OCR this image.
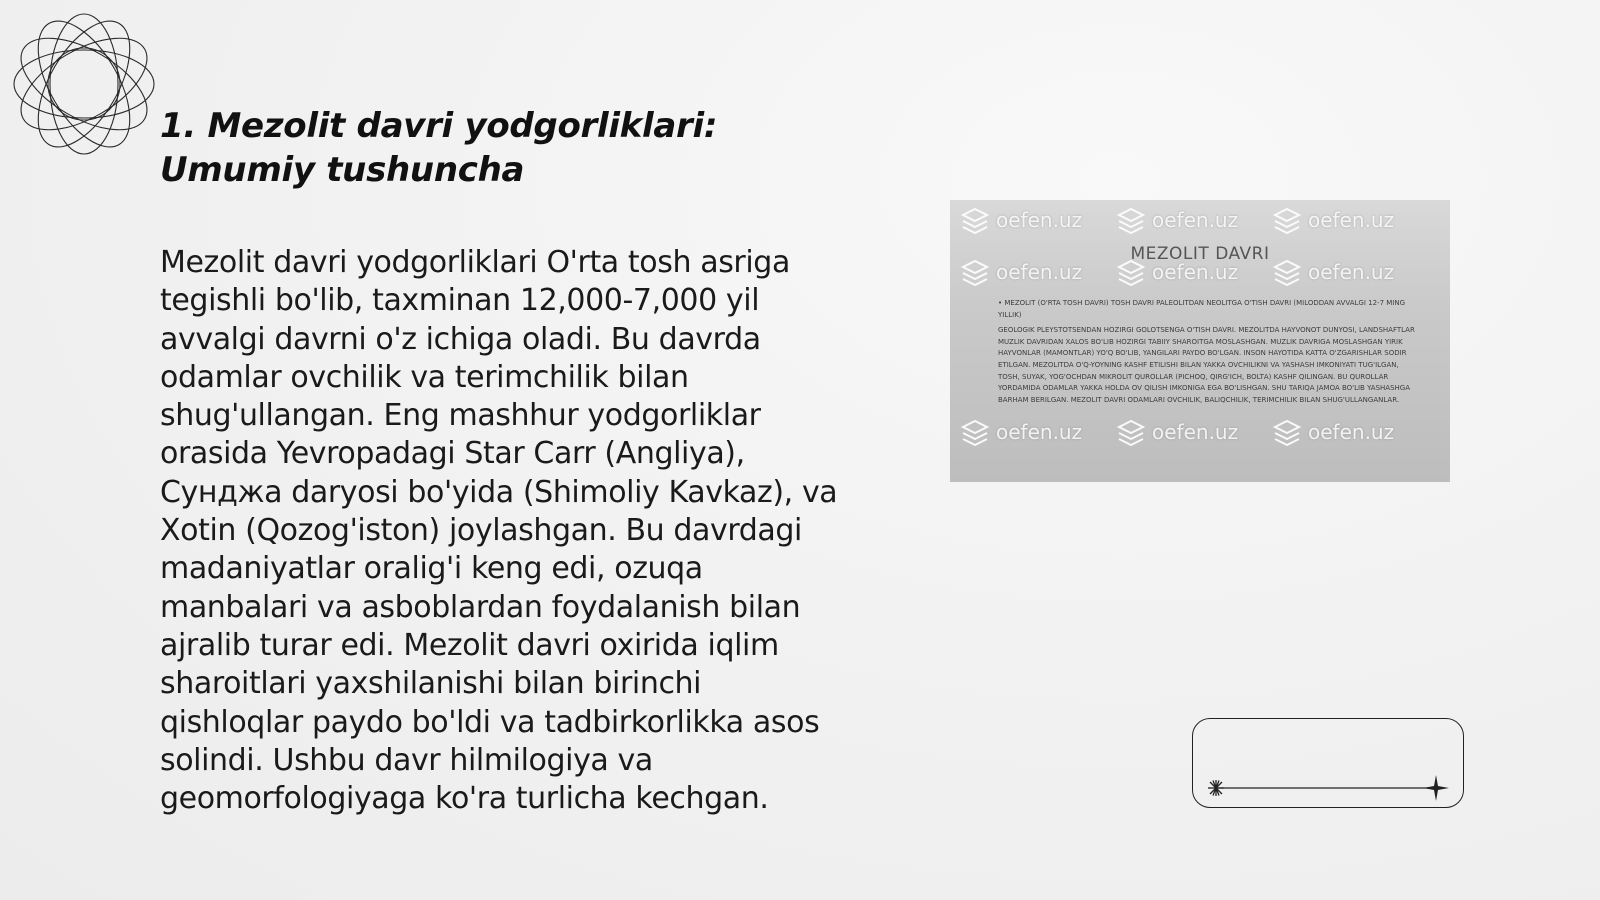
1. Mezolit davri yodgorliklari: Umumiy tushuncha

Mezolit davri yodgorliklari O'rta tosh asriga tegishli bo'lib, taxminan 12,000-7,000 yil avvalgi davrni o'z ichiga oladi. Bu davrda odamlar ovchilik va terimchilik bilan shug'ullangan. Eng mashhur yodgorliklar orasida Yevropadagi Star Carr (Angliya), Сунджа daryosi bo'yida (Shimoliy Kavkaz), va Xotin (Qozog'iston) joylashgan. Bu davrdagi madaniyatlar oralig'i keng edi, ozuqa manbalari va asboblardan foydalanish bilan ajralib turar edi. Mezolit davri oxirida iqlim sharoitlari yaxshilanishi bilan birinchi qishloqlar paydo bo'ldi va tadbirkorlikka asos solindi. Ushbu davr hilmilogiya va geomorfologiyaga ko'ra turlicha kechgan.

oefen.uz	oefen.uz	oefen.uz
oefen.uz	oefen.uz	oefen.uz
oefen.uz	oefen.uz	oefen.uz
MEZOLIT DAVRI

• MEZOLIT (O'RTA TOSH DAVRI) TOSH DAVRI PALEOLITDAN NEOLITGA O'TISH DAVRI (MILODDAN AVVALGI 12-7 MING YILLIK)
GEOLOGIK PLEYSTOTSENDAN HOZIRGI GOLOTSENGA O'TISH DAVRI. MEZOLITDA HAYVONOT DUNYOSI, LANDSHAFTLAR MUZLIK DAVRIDAN XALOS BO'LIB HOZIRGI TABIIY SHAROITGA MOSLASHGAN. MUZLIK DAVRIGA MOSLASHGAN YIRIK HAYVONLAR (MAMONTLAR) YO'Q BO'LIB, YANGILARI PAYDO BO'LGAN. INSON HAYOTIDA KATTA O'ZGARISHLAR SODIR ETILGAN. MEZOLITDA O'Q-YOYNING KASHF ETILISHI BILAN YAKKA OVCHILIKNI VA YASHASH IMKONIYATI TUG'ILGAN, TOSH, SUYAK, YOG'OCHDAN MIKROLIT QUROLLAR (PICHOQ, QIRG'ICH, BOLTА) KASHF QILINGAN. BU QUROLLAR YORDAMIDA ODAMLAR YAKKA HOLDA OV QILISH IMKONIGA EGA BO'LISHGAN. SHU TARIQA JAMOA BO'LIB YASHASHGA BARHAM BERILGAN. MEZOLIT DAVRI ODAMLARI OVCHILIK, BALIQCHILIK, TERIMCHILIK BILAN SHUG'ULLANGANLAR.
